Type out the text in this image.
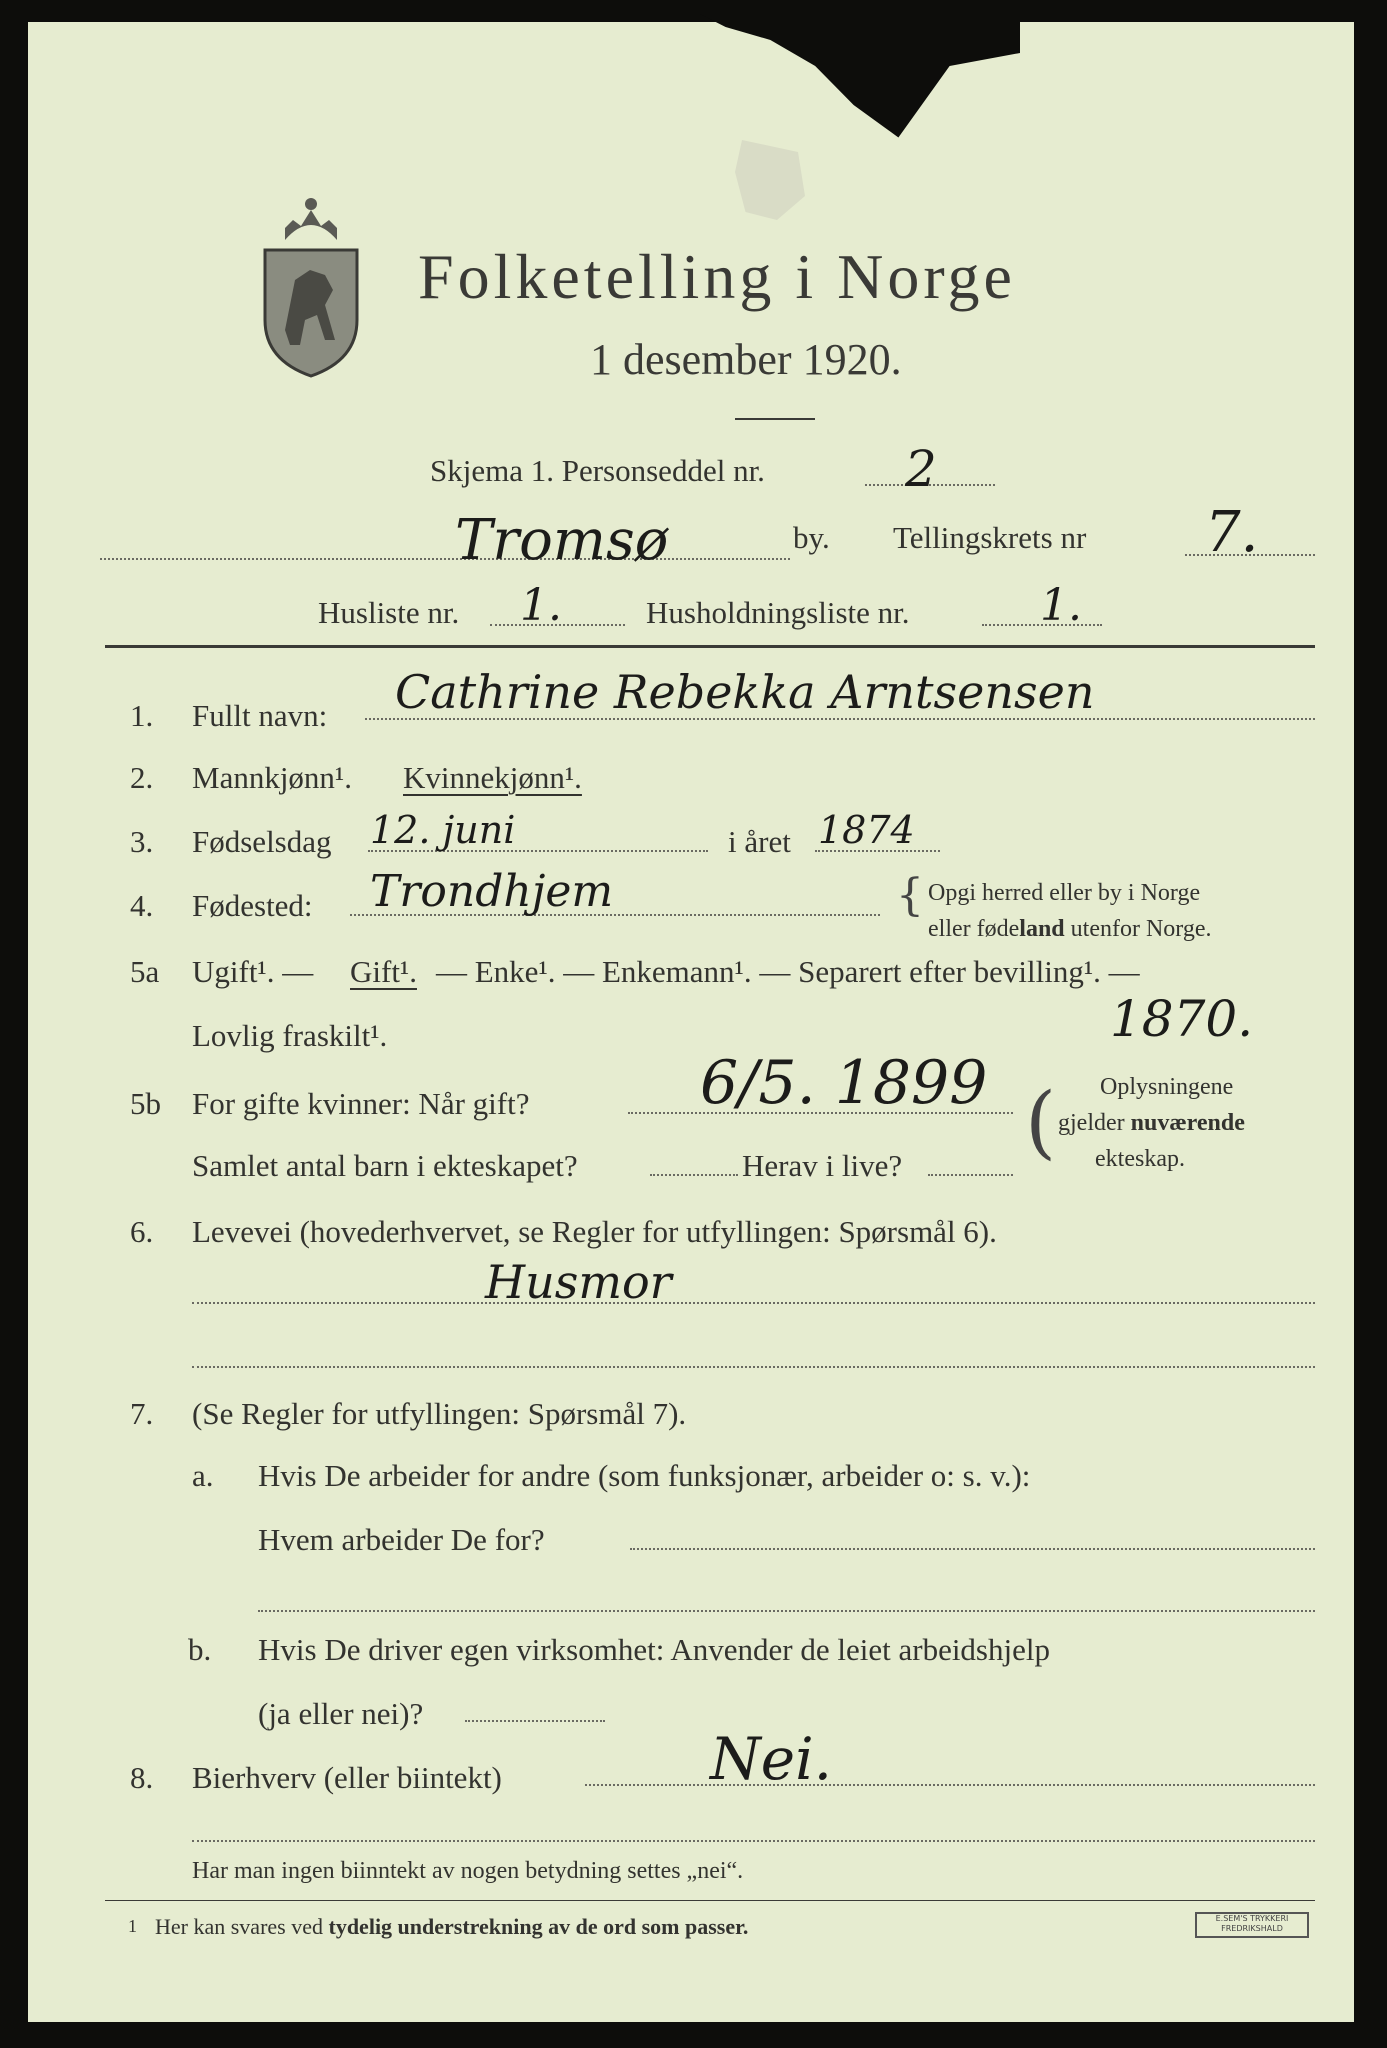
Folketelling i Norge
1 desember 1920.
Skjema 1. Personseddel nr.	2
Tromsø	by. Tellingskrets nr 7.
Husliste nr. 1.	Husholdningsliste nr.	1.
1. Fullt navn: Cathrine Rebekka Arntsensen
2. Mannkjønn¹. Kvinnekjønn¹.
3. Fødselsdag 12. juni	i året 1874
4. Fødested: Trondhjem	{ Opgi herred eller by i Norge
eller fødeland utenfor Norge.
5a Ugift¹. — Gift¹. — Enke¹. — Enkemann¹. — Separert efter bevilling¹. —
Lovlig fraskilt¹.	1870.
5b For gifte kvinner: Når gift?	6/5. 1899
Samlet antal barn i ekteskapet?	Herav i live? ( Oplysningene
gjelder nuværende
ekteskap.
6. Levevei (hovederhvervet, se Regler for utfyllingen: Spørsmål 6).
Husmor
7. (Se Regler for utfyllingen: Spørsmål 7).
a. Hvis De arbeider for andre (som funksjonær, arbeider o: s. v.):
Hvem arbeider De for?
b. Hvis De driver egen virksomhet: Anvender de leiet arbeidshjelp
(ja eller nei)?
8. Bierhverv (eller biintekt)	Nei.
Har man ingen biinntekt av nogen betydning settes „nei“.
1 Her kan svares ved tydelig understrekning av de ord som passer.	E.SEM'S TRYKKERI FREDRIKSHALD
